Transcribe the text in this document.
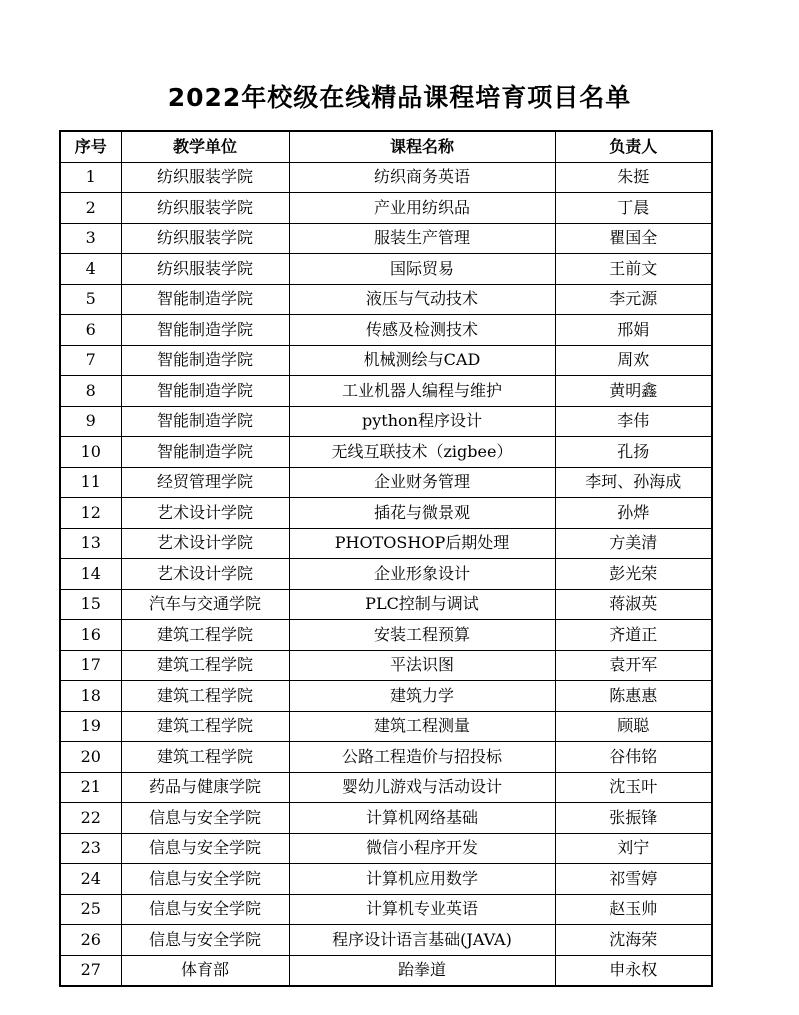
2022年校级在线精品课程培育项目名单
序号	教学单位	课程名称	负责人
1	纺织服装学院	纺织商务英语	朱挺
2	纺织服装学院	产业用纺织品	丁晨
3	纺织服装学院	服装生产管理	瞿国全
4	纺织服装学院	国际贸易	王前文
5	智能制造学院	液压与气动技术	李元源
6	智能制造学院	传感及检测技术	邢娟
7	智能制造学院	机械测绘与CAD	周欢
8	智能制造学院	工业机器人编程与维护	黄明鑫
9	智能制造学院	python程序设计	李伟
10	智能制造学院	无线互联技术（zigbee）	孔扬
11	经贸管理学院	企业财务管理	李珂、孙海成
12	艺术设计学院	插花与微景观	孙烨
13	艺术设计学院	PHOTOSHOP后期处理	方美清
14	艺术设计学院	企业形象设计	彭光荣
15	汽车与交通学院	PLC控制与调试	蒋淑英
16	建筑工程学院	安装工程预算	齐道正
17	建筑工程学院	平法识图	袁开军
18	建筑工程学院	建筑力学	陈惠惠
19	建筑工程学院	建筑工程测量	顾聪
20	建筑工程学院	公路工程造价与招投标	谷伟铭
21	药品与健康学院	婴幼儿游戏与活动设计	沈玉叶
22	信息与安全学院	计算机网络基础	张振锋
23	信息与安全学院	微信小程序开发	刘宁
24	信息与安全学院	计算机应用数学	祁雪婷
25	信息与安全学院	计算机专业英语	赵玉帅
26	信息与安全学院	程序设计语言基础(JAVA)	沈海荣
27	体育部	跆拳道	申永权
